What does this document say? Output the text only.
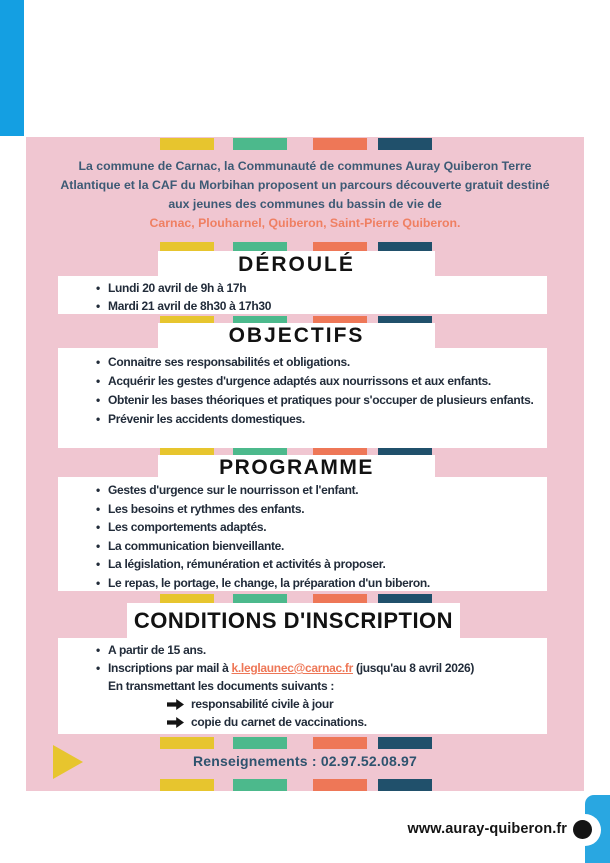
La commune de Carnac, la Communauté de communes Auray Quiberon Terre
Atlantique et la CAF du Morbihan proposent un parcours découverte gratuit destiné
aux jeunes des communes du bassin de vie de
Carnac, Plouharnel, Quiberon, Saint-Pierre Quiberon.
DÉROULÉ
• Lundi 20 avril de 9h à 17h
• Mardi 21 avril de 8h30 à 17h30
OBJECTIFS
• Connaitre ses responsabilités et obligations.
• Acquérir les gestes d'urgence adaptés aux nourrissons et aux enfants.
• Obtenir les bases théoriques et pratiques pour s'occuper de plusieurs enfants.
• Prévenir les accidents domestiques.
PROGRAMME
• Gestes d'urgence sur le nourrisson et l'enfant.
• Les besoins et rythmes des enfants.
• Les comportements adaptés.
• La communication bienveillante.
• La législation, rémunération et activités à proposer.
• Le repas, le portage, le change, la préparation d'un biberon.
CONDITIONS D'INSCRIPTION
• A partir de 15 ans.
• Inscriptions par mail à k.leglaunec@carnac.fr (jusqu'au 8 avril 2026)
En transmettant les documents suivants :
responsabilité civile à jour
copie du carnet de vaccinations.
Renseignements : 02.97.52.08.97
www.auray-quiberon.fr
